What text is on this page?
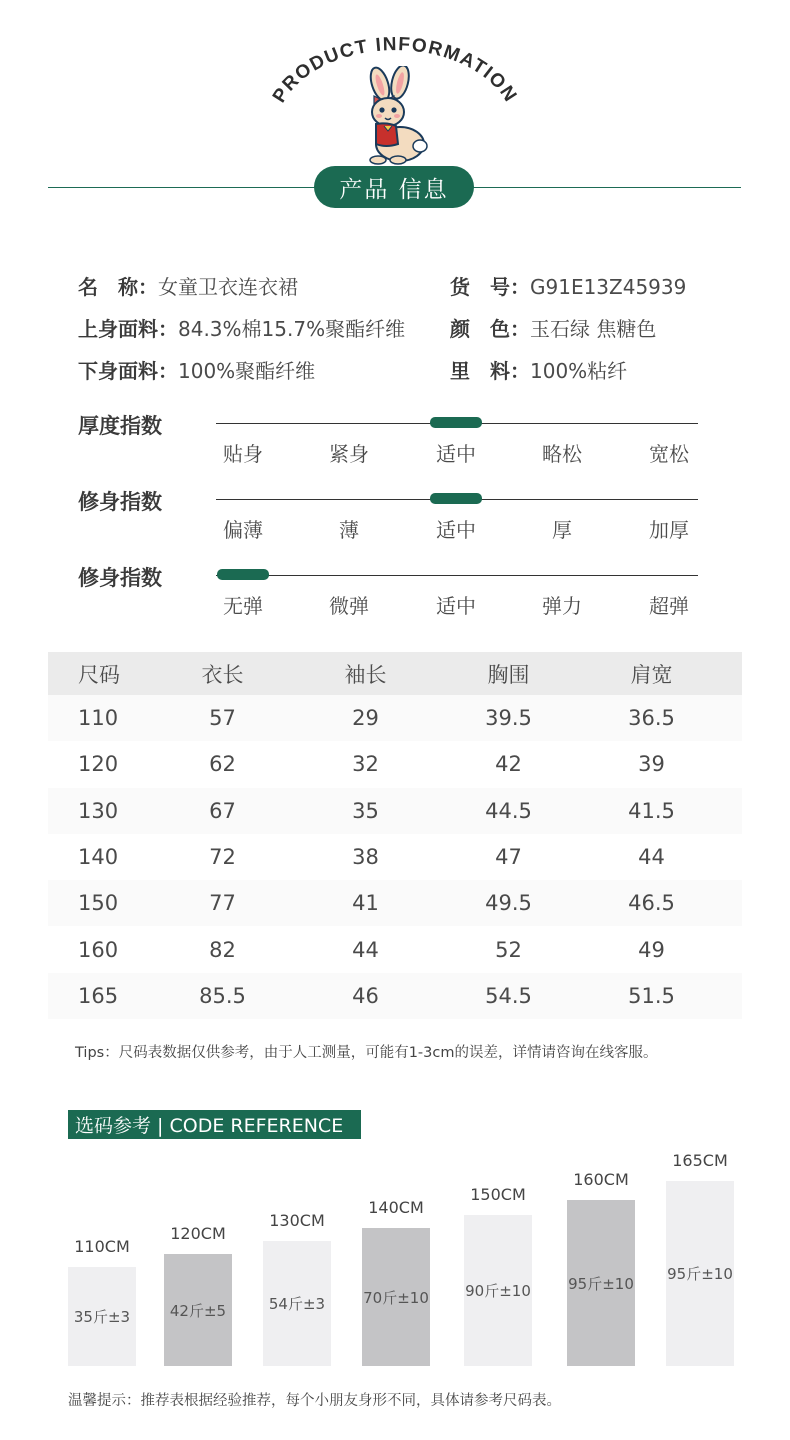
PRODUCT INFORMATION
产品 信息
名　称：女童卫衣连衣裙	货　号：G91E13Z45939
上身面料：84.3%棉15.7%聚酯纤维 颜　色：玉石绿 焦糖色
下身面料：100%聚酯纤维	里　料：100%粘纤
厚度指数
贴身	紧身	适中	略松	宽松
修身指数
偏薄	薄	适中	厚	加厚
修身指数
无弹	微弹	适中	弹力	超弹
尺码	衣长	袖长	胸围	肩宽
110	57	29	39.5	36.5
120	62	32	42	39
130	67	35	44.5	41.5
140	72	38	47	44
150	77	41	49.5	46.5
160	82	44	52	49
165	85.5	46	54.5	51.5
Tips：尺码表数据仅供参考，由于人工测量，可能有1-3cm的误差，详情请咨询在线客服。
选码参考 | CODE REFERENCE
35斤±3
110CM
42斤±5
120CM
54斤±3
130CM
70斤±10
140CM
90斤±10
150CM
95斤±10
160CM
95斤±10
165CM
温馨提示：推荐表根据经验推荐，每个小朋友身形不同，具体请参考尺码表。
